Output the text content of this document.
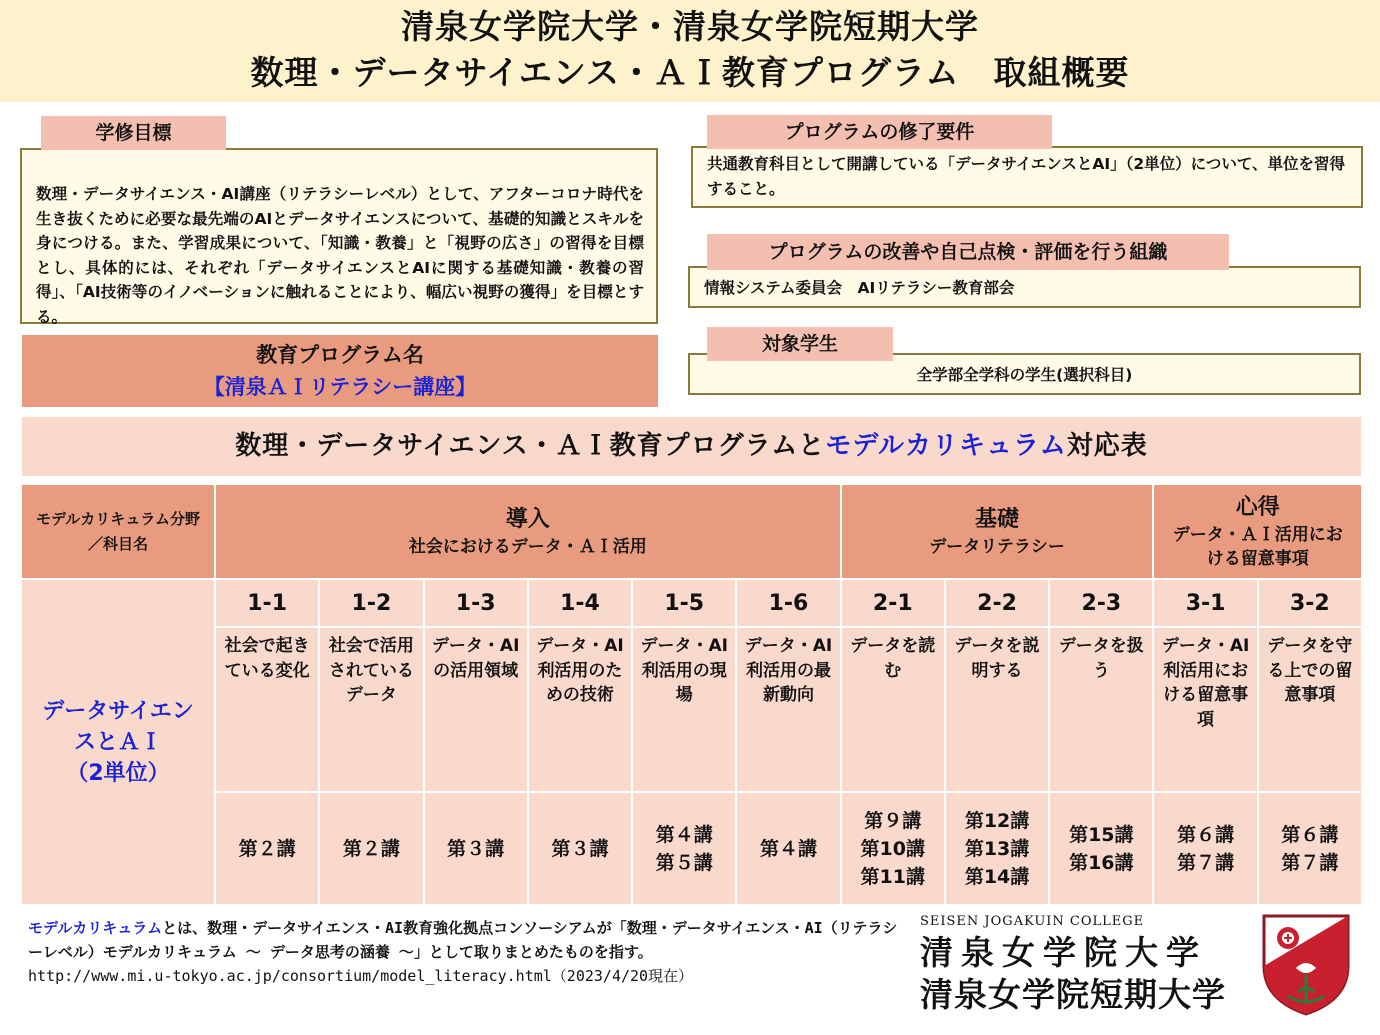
清泉女学院大学・清泉女学院短期大学
数理・データサイエンス・ＡＩ教育プログラム　取組概要
学修目標
数理・データサイエンス・AI講座（リテラシーレベル）として、アフターコロナ時代を生き抜くために必要な最先端のAIとデータサイエンスについて、基礎的知識とスキルを身につける。また、学習成果について、「知識・教養」と「視野の広さ」の習得を目標とし、具体的には、それぞれ「データサイエンスとAIに関する基礎知識・教養の習得」、「AI技術等のイノベーションに触れることにより、幅広い視野の獲得」を目標とする。
プログラムの修了要件
共通教育科目として開講している「データサイエンスとAI」（2単位）について、単位を習得すること。
プログラムの改善や自己点検・評価を行う組織
情報システム委員会　AIリテラシー教育部会
対象学生
全学部全学科の学生(選択科目)
教育プログラム名
【清泉ＡＩリテラシー講座】
数理・データサイエンス・ＡＩ教育プログラムとモデルカリキュラム対応表
モデルカリキュラム分野／科目名
導入
社会におけるデータ・ＡＩ活用
基礎
データリテラシー
心得
データ・ＡＩ活用における留意事項
データサイエンスとＡＩ
（2単位）
1-1
社会で起きている変化
第２講
1-2
社会で活用されているデータ
第２講
1-3
データ・AIの活用領域
第３講
1-4
データ・AI利活用のための技術
第３講
1-5
データ・AI利活用の現場
第４講
第５講
1-6
データ・AI利活用の最新動向
第４講
2-1
データを読む
第９講
第10講
第11講
2-2
データを説明する
第12講
第13講
第14講
2-3
データを扱う
第15講
第16講
3-1
データ・AI利活用における留意事項
第６講
第７講
3-2
データを守る上での留意事項
第６講
第７講
モデルカリキュラムとは、数理・データサイエンス・AI教育強化拠点コンソーシアムが「数理・データサイエンス・AI（リテラシーレベル）モデルカリキュラム ～ データ思考の涵養 ～」として取りまとめたものを指す。
http://www.mi.u-tokyo.ac.jp/consortium/model_literacy.html（2023/4/20現在）
SEISEN JOGAKUIN COLLEGE
清泉女学院大学
清泉女学院短期大学
